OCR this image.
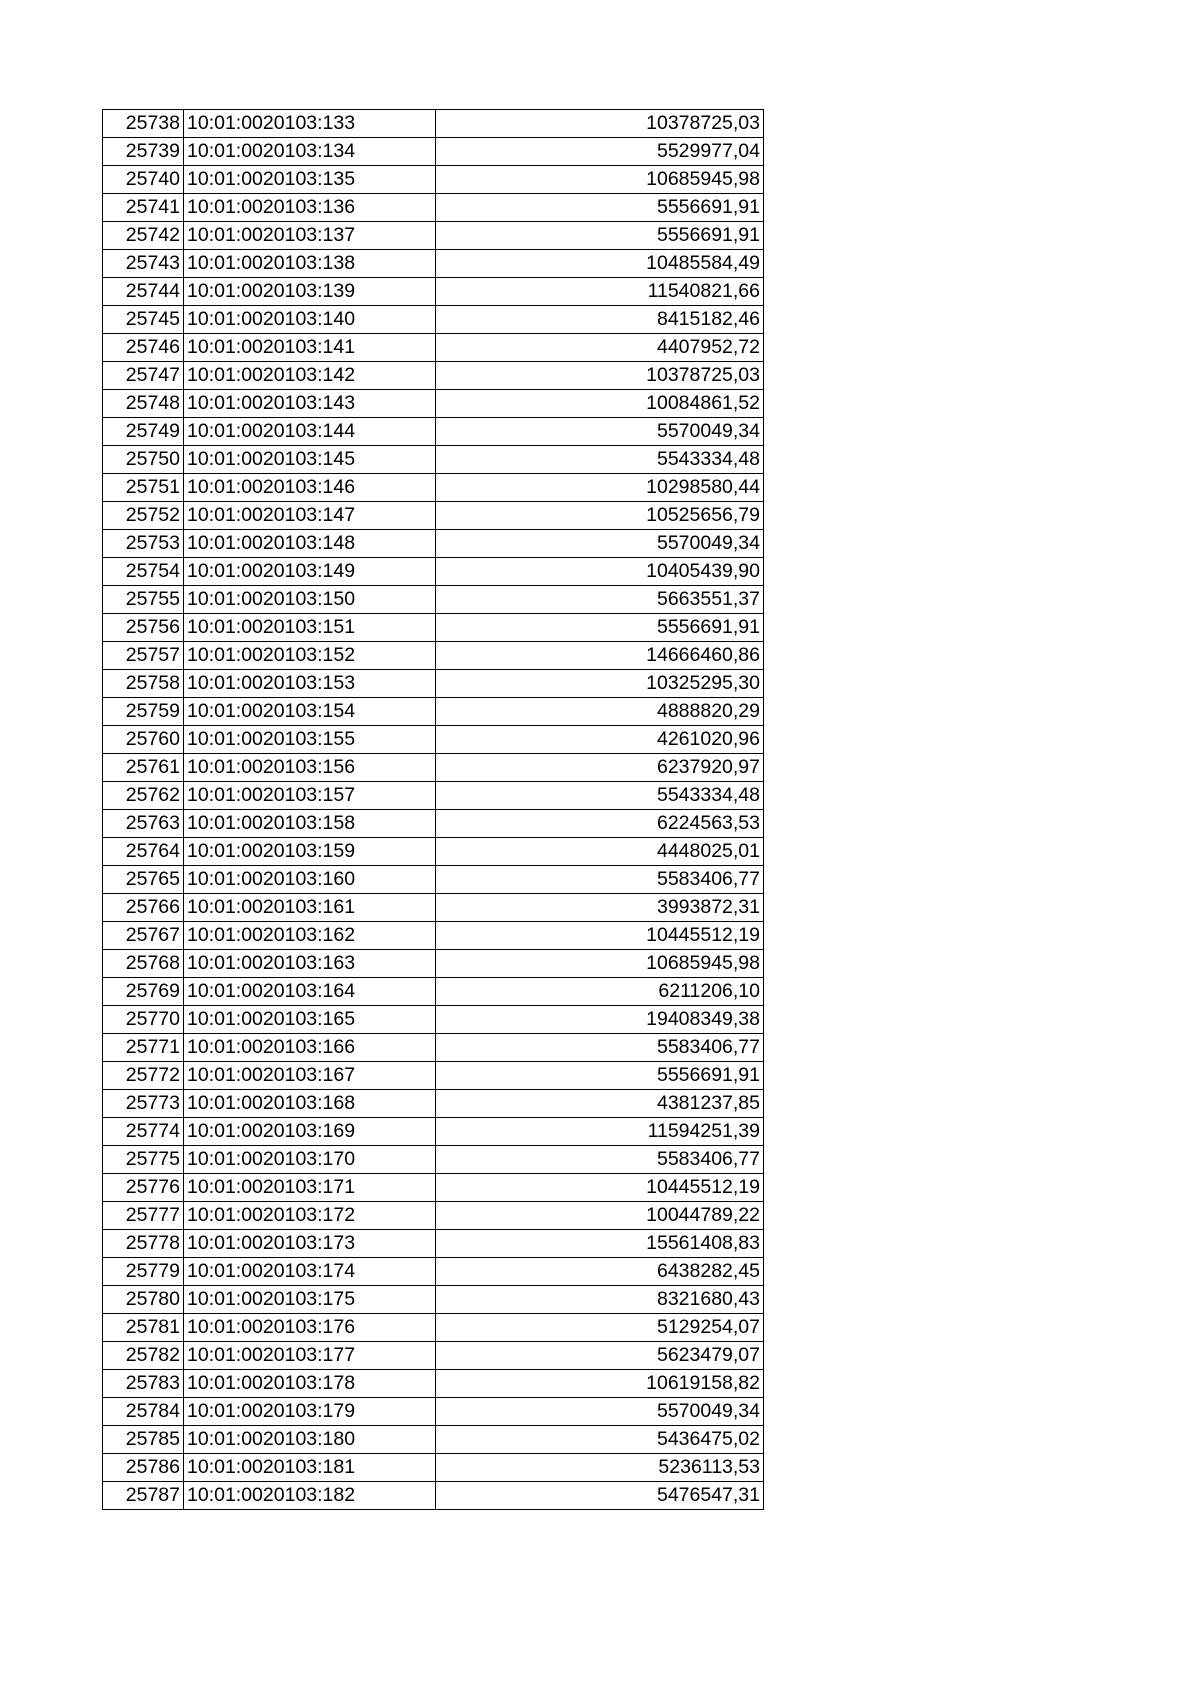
25738	10:01:0020103:133	10378725,03
25739	10:01:0020103:134	5529977,04
25740	10:01:0020103:135	10685945,98
25741	10:01:0020103:136	5556691,91
25742	10:01:0020103:137	5556691,91
25743	10:01:0020103:138	10485584,49
25744	10:01:0020103:139	11540821,66
25745	10:01:0020103:140	8415182,46
25746	10:01:0020103:141	4407952,72
25747	10:01:0020103:142	10378725,03
25748	10:01:0020103:143	10084861,52
25749	10:01:0020103:144	5570049,34
25750	10:01:0020103:145	5543334,48
25751	10:01:0020103:146	10298580,44
25752	10:01:0020103:147	10525656,79
25753	10:01:0020103:148	5570049,34
25754	10:01:0020103:149	10405439,90
25755	10:01:0020103:150	5663551,37
25756	10:01:0020103:151	5556691,91
25757	10:01:0020103:152	14666460,86
25758	10:01:0020103:153	10325295,30
25759	10:01:0020103:154	4888820,29
25760	10:01:0020103:155	4261020,96
25761	10:01:0020103:156	6237920,97
25762	10:01:0020103:157	5543334,48
25763	10:01:0020103:158	6224563,53
25764	10:01:0020103:159	4448025,01
25765	10:01:0020103:160	5583406,77
25766	10:01:0020103:161	3993872,31
25767	10:01:0020103:162	10445512,19
25768	10:01:0020103:163	10685945,98
25769	10:01:0020103:164	6211206,10
25770	10:01:0020103:165	19408349,38
25771	10:01:0020103:166	5583406,77
25772	10:01:0020103:167	5556691,91
25773	10:01:0020103:168	4381237,85
25774	10:01:0020103:169	11594251,39
25775	10:01:0020103:170	5583406,77
25776	10:01:0020103:171	10445512,19
25777	10:01:0020103:172	10044789,22
25778	10:01:0020103:173	15561408,83
25779	10:01:0020103:174	6438282,45
25780	10:01:0020103:175	8321680,43
25781	10:01:0020103:176	5129254,07
25782	10:01:0020103:177	5623479,07
25783	10:01:0020103:178	10619158,82
25784	10:01:0020103:179	5570049,34
25785	10:01:0020103:180	5436475,02
25786	10:01:0020103:181	5236113,53
25787	10:01:0020103:182	5476547,31
